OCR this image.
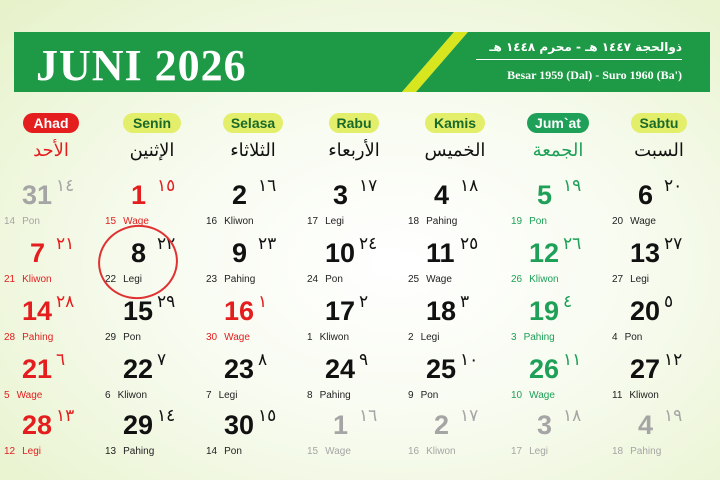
JUNI 2026	ذوالحجة ١٤٤٧ هـ - محرم ١٤٤٨ هـ
Besar 1959 (Dal) - Suro 1960 (Ba')
Ahad
الأحد
Senin
الإثنين
Selasa
الثلاثاء
Rabu
الأربعاء
Kamis
الخميس
Jum`at
الجمعة
Sabtu
السبت
31 ١٤
14 Pon
1 ١٥
15 Wage
2 ١٦
16 Kliwon
3 ١٧
17 Legi
4 ١٨
18 Pahing
5 ١٩
19 Pon
6 ٢٠
20 Wage
7 ٢١
21 Kliwon
8 ٢٢
22 Legi
9 ٢٣
23 Pahing
10 ٢٤
24 Pon
11 ٢٥
25 Wage
12 ٢٦
26 Kliwon
13 ٢٧
27 Legi
14 ٢٨
28 Pahing
15 ٢٩
29 Pon
16 ١
30 Wage
17 ٢
1 Kliwon
18 ٣
2 Legi
19 ٤
3 Pahing
20 ٥
4 Pon
21 ٦
5 Wage
22 ٧
6 Kliwon
23 ٨
7 Legi
24 ٩
8 Pahing
25 ١٠
9 Pon
26 ١١
10 Wage
27 ١٢
11 Kliwon
28 ١٣
12 Legi
29 ١٤
13 Pahing
30 ١٥
14 Pon
1 ١٦
15 Wage
2 ١٧
16 Kliwon
3 ١٨
17 Legi
4 ١٩
18 Pahing
